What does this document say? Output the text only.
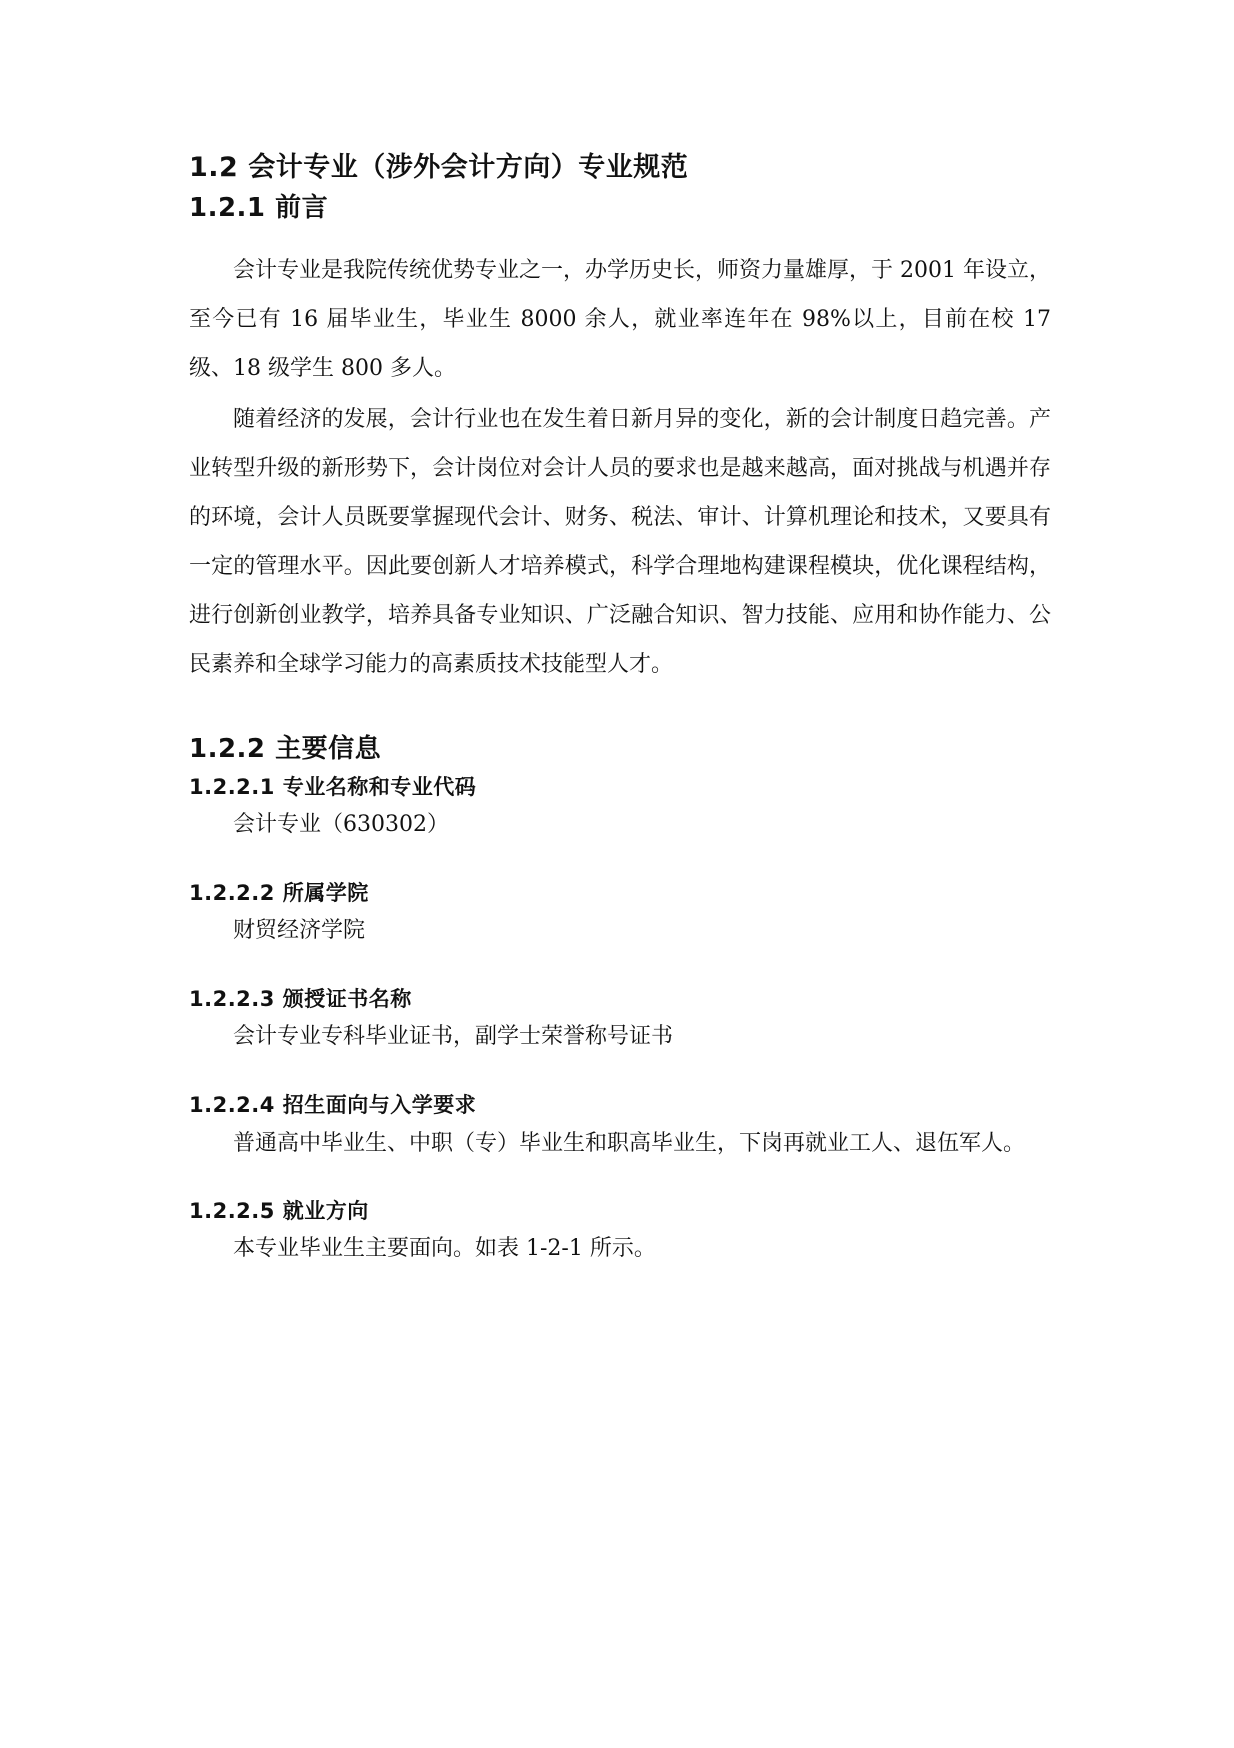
1.2 会计专业（涉外会计方向）专业规范
1.2.1 前言

会计专业是我院传统优势专业之一，办学历史长，师资力量雄厚，于 2001 年设立，至今已有 16 届毕业生，毕业生 8000 余人，就业率连年在 98%以上，目前在校 17 级、18 级学生 800 多人。

随着经济的发展，会计行业也在发生着日新月异的变化，新的会计制度日趋完善。产业转型升级的新形势下，会计岗位对会计人员的要求也是越来越高，面对挑战与机遇并存的环境，会计人员既要掌握现代会计、财务、税法、审计、计算机理论和技术，又要具有一定的管理水平。因此要创新人才培养模式，科学合理地构建课程模块，优化课程结构，进行创新创业教学，培养具备专业知识、广泛融合知识、智力技能、应用和协作能力、公民素养和全球学习能力的高素质技术技能型人才。

1.2.2 主要信息
1.2.2.1 专业名称和专业代码

会计专业（630302）

1.2.2.2 所属学院

财贸经济学院

1.2.2.3 颁授证书名称

会计专业专科毕业证书，副学士荣誉称号证书

1.2.2.4 招生面向与入学要求

普通高中毕业生、中职（专）毕业生和职高毕业生，下岗再就业工人、退伍军人。

1.2.2.5 就业方向

本专业毕业生主要面向。如表 1-2-1 所示。
